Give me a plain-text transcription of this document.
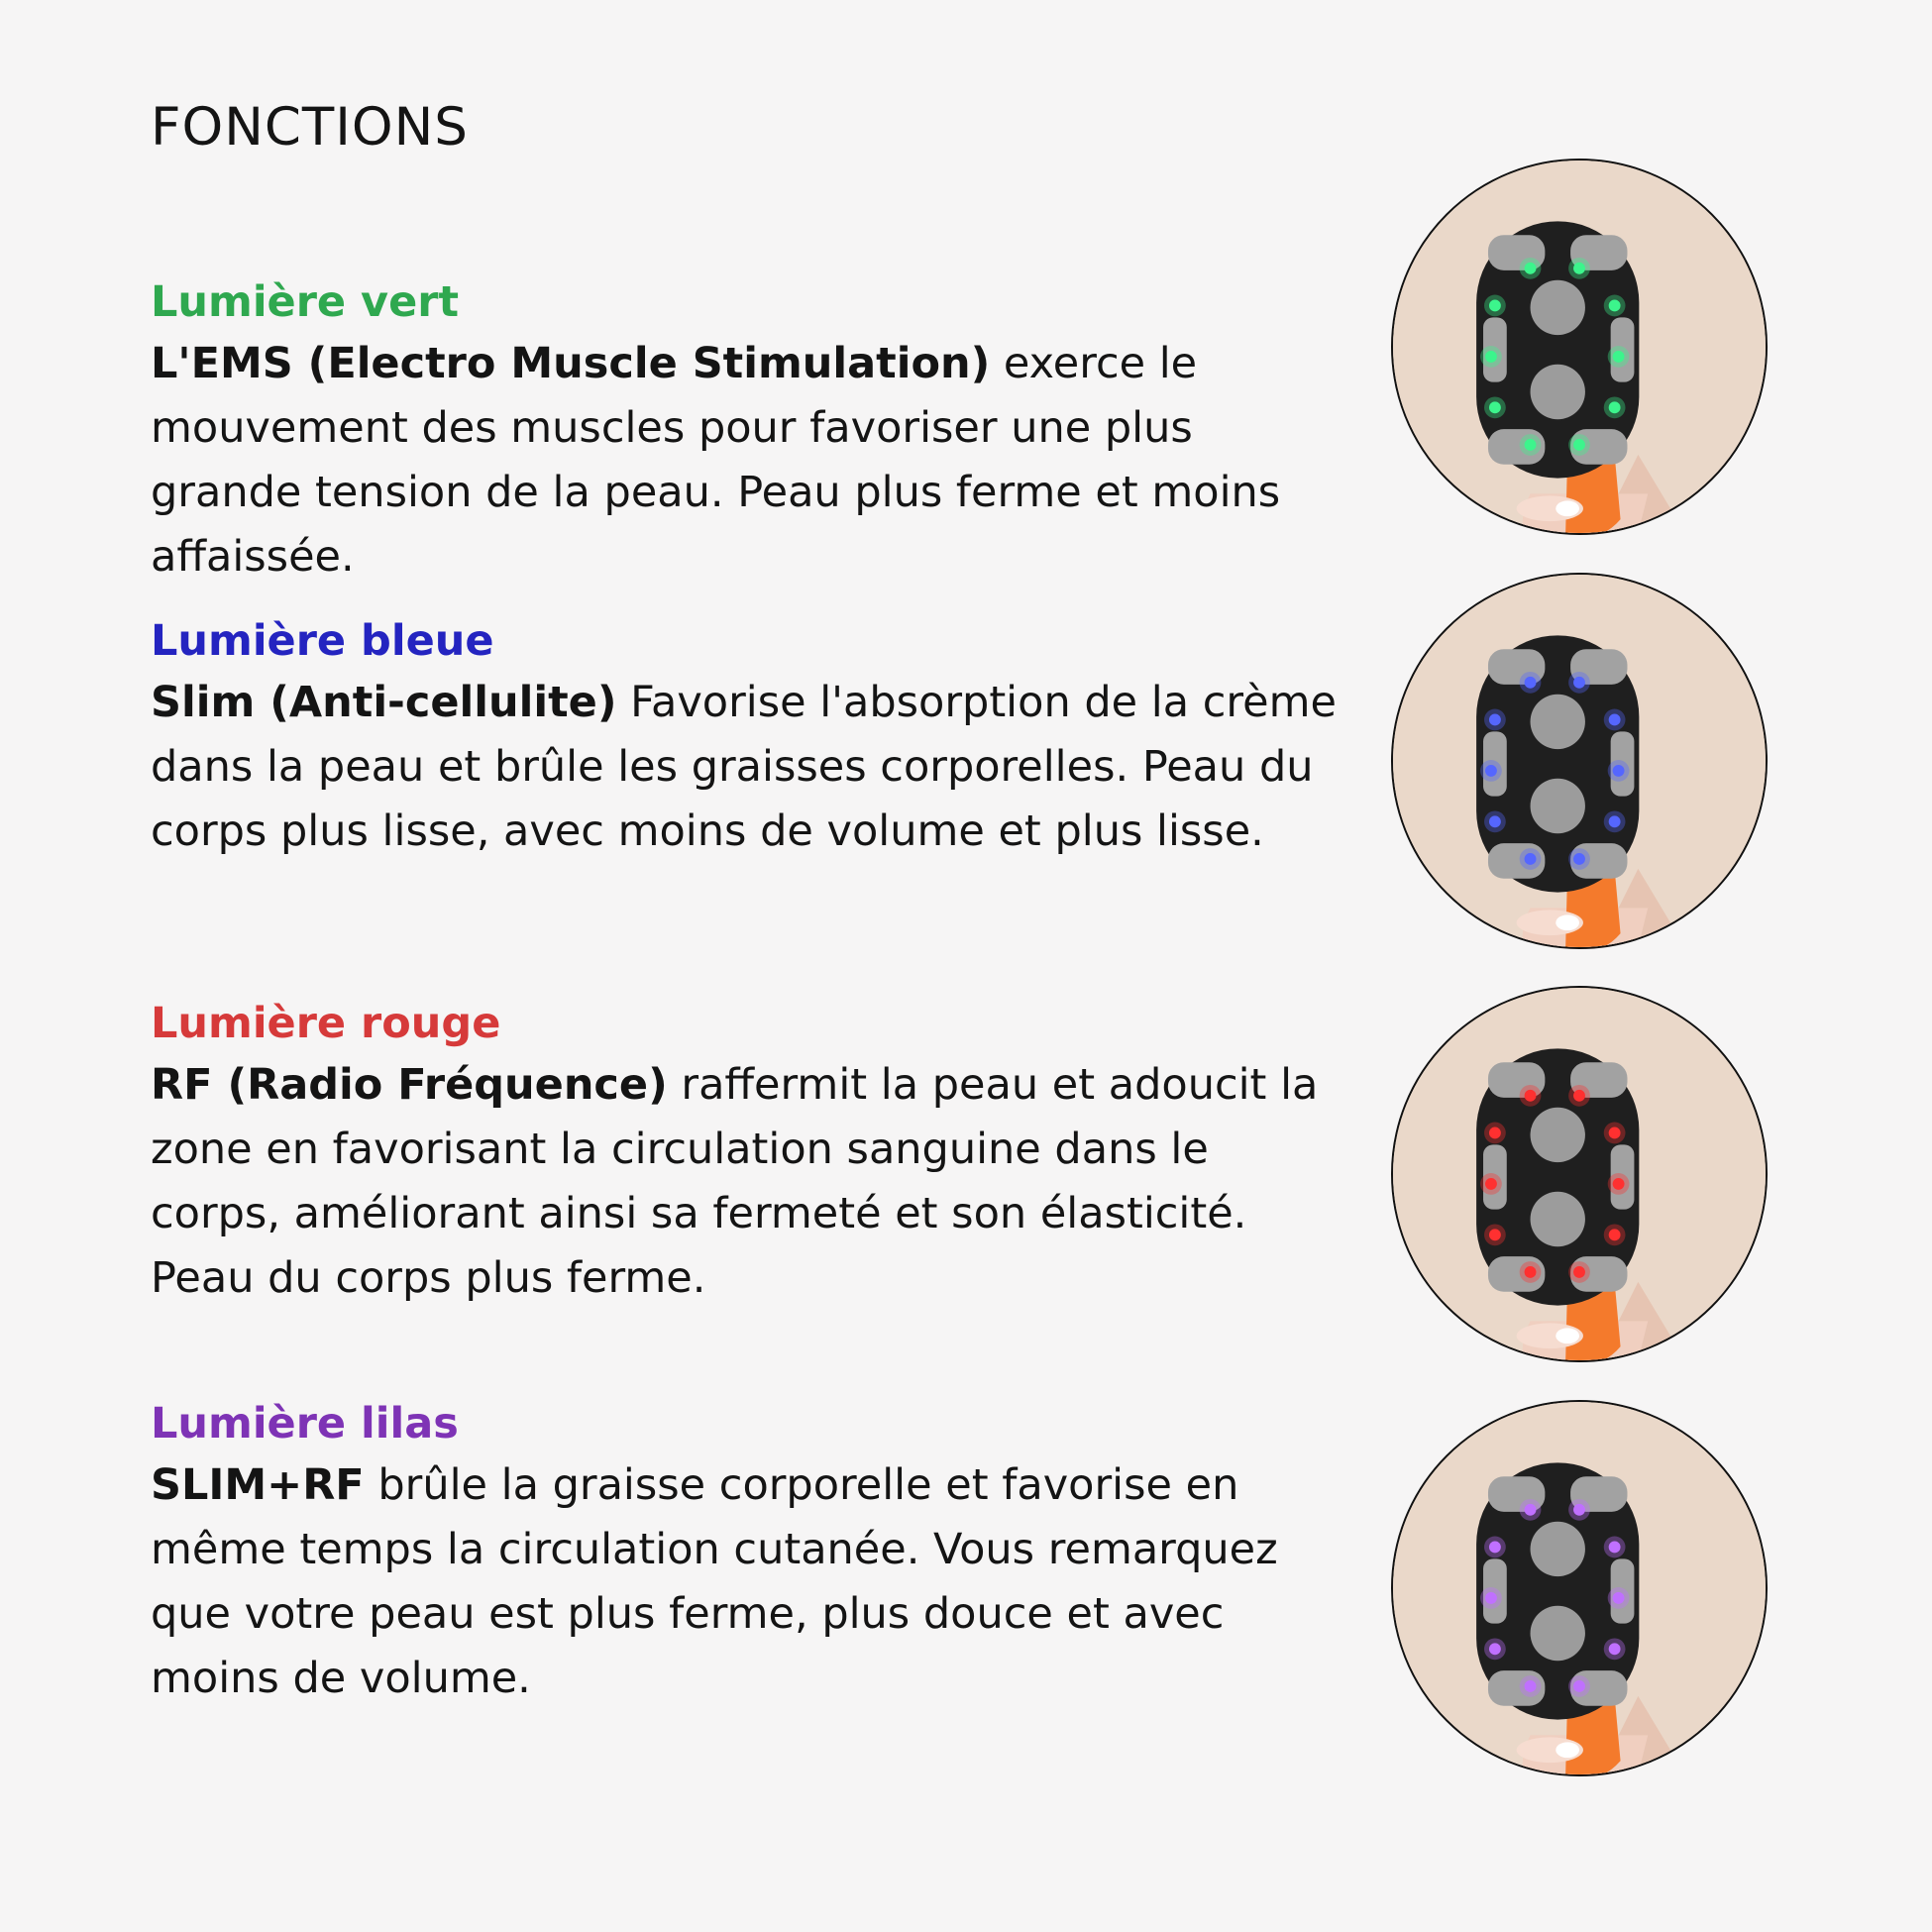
FONCTIONS

Lumière vert

L'EMS (Electro Muscle Stimulation) exerce le mouvement des muscles pour favoriser une plus grande tension de la peau. Peau plus ferme et moins affaissée.

Lumière bleue

Slim (Anti-cellulite) Favorise l'absorption de la crème dans la peau et brûle les graisses corporelles. Peau du corps plus lisse, avec moins de volume et plus lisse.

Lumière rouge

RF (Radio Fréquence) raffermit la peau et adoucit la zone en favorisant la circulation sanguine dans le corps, améliorant ainsi sa fermeté et son élasticité. Peau du corps plus ferme.

Lumière lilas

SLIM+RF brûle la graisse corporelle et favorise en même temps la circulation cutanée. Vous remarquez que votre peau est plus ferme, plus douce et avec moins de volume.
